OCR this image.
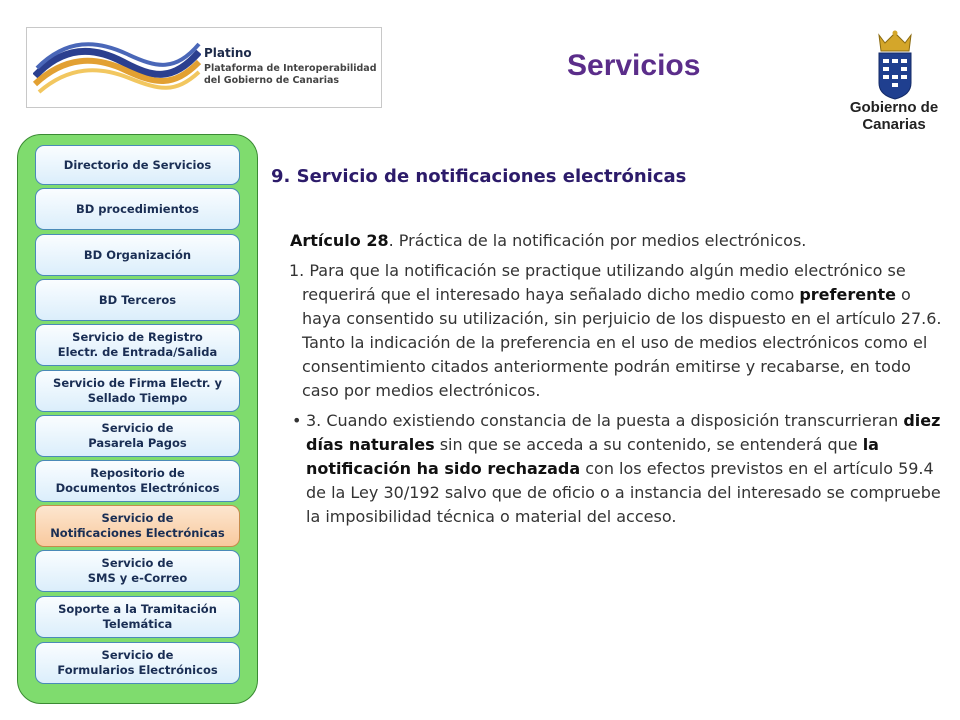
Platino
Plataforma de Interoperabilidad del Gobierno de Canarias	Servicios
Gobierno de Canarias
Directorio de Servicios
BD procedimientos
BD Organización
BD Terceros
Servicio de Registro
Electr. de Entrada/Salida
Servicio de Firma Electr. y
Sellado Tiempo
Servicio de
Pasarela Pagos
Repositorio de
Documentos Electrónicos
Servicio de
Notificaciones Electrónicas
Servicio de
SMS y e-Correo
Soporte a la Tramitación
Telemática
Servicio de
Formularios Electrónicos
9. Servicio de notificaciones electrónicas

Artículo 28. Práctica de la notificación por medios electrónicos.

1. Para que la notificación se practique utilizando algún medio electrónico se requerirá que el interesado haya señalado dicho medio como preferente o haya consentido su utilización, sin perjuicio de los dispuesto en el artículo 27.6. Tanto la indicación de la preferencia en el uso de medios electrónicos como el consentimiento citados anteriormente podrán emitirse y recabarse, en todo caso por medios electrónicos.

• 3. Cuando existiendo constancia de la puesta a disposición transcurrieran diez días naturales sin que se acceda a su contenido, se entenderá que la notificación ha sido rechazada con los efectos previstos en el artículo 59.4 de la Ley 30/192 salvo que de oficio o a instancia del interesado se compruebe la imposibilidad técnica o material del acceso.
